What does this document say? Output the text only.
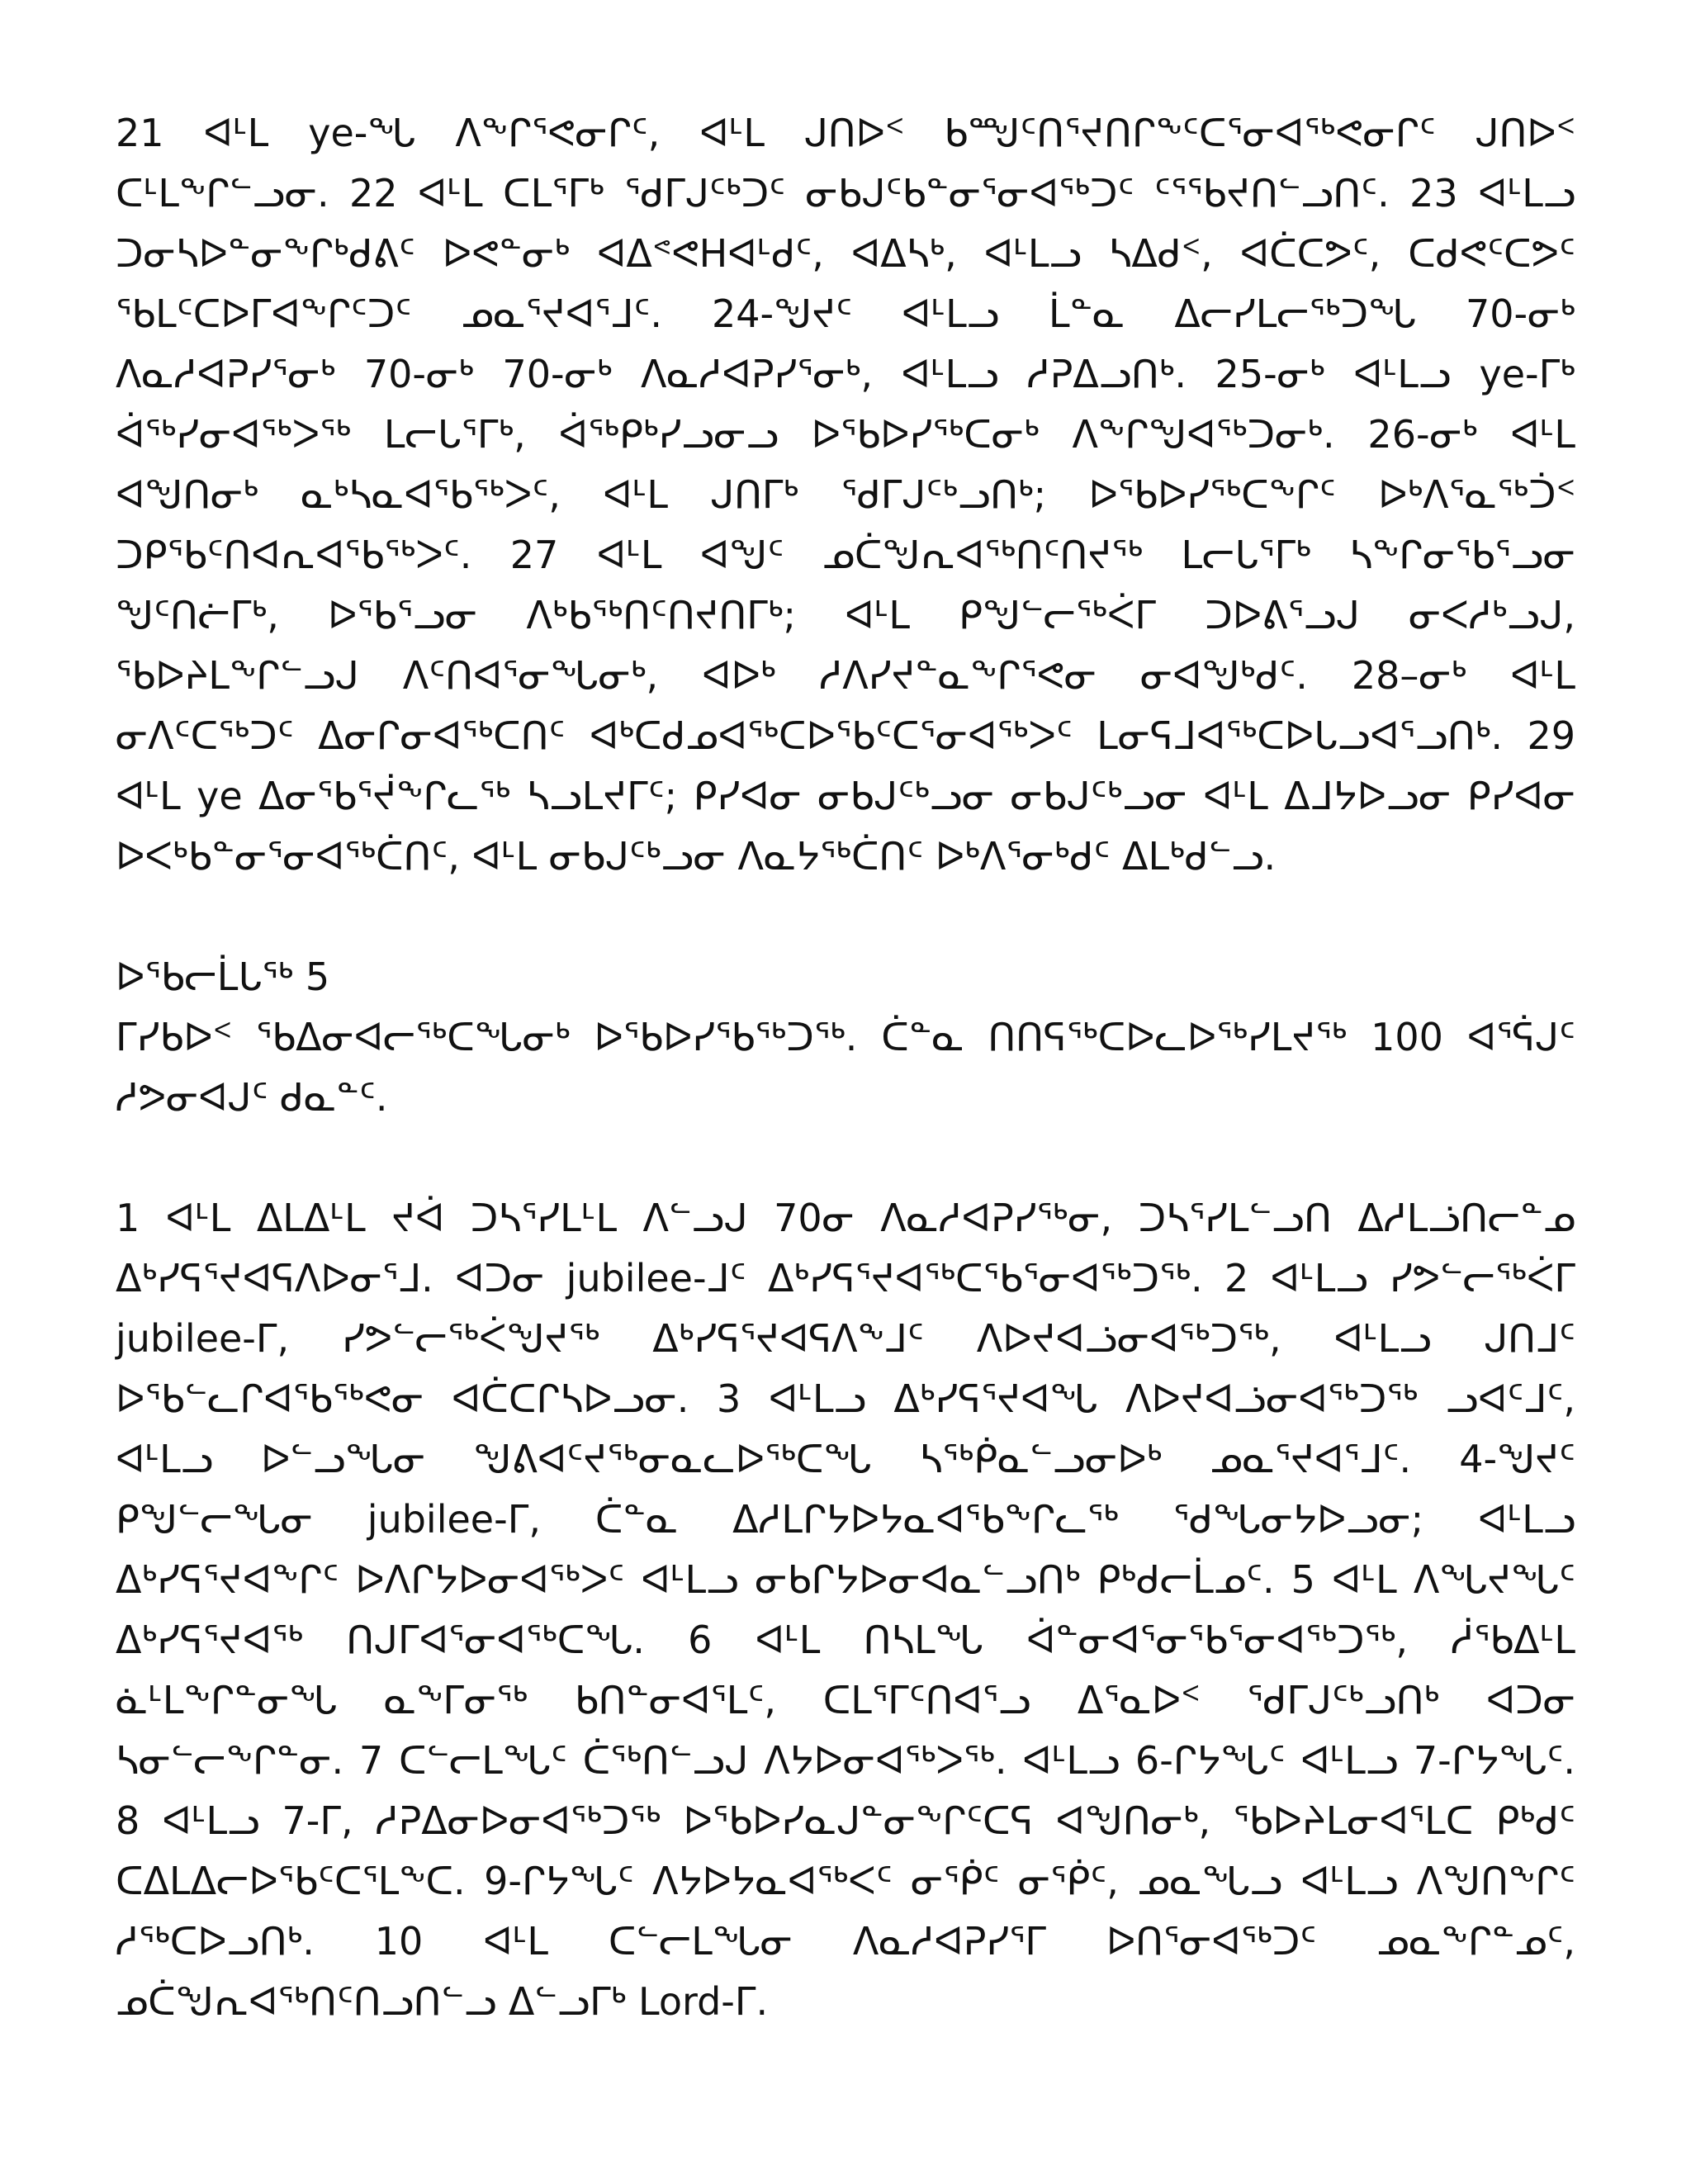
21 ᐊᒻᒪ ye-ᖓ ᐱᖕᒋᕐᕙᓂᒋᑦ, ᐊᒻᒪ ᒍᑎᐅᑉ ᑲᙳᑦᑎᕐᔪᑎᒋᖕᑦᑕᕐᓂᐊᖅᕙᓂᒋᑦ ᒍᑎᐅᑉ ᑕᒻᒪᖕᒋᓪᓗᓂ. 22 ᐊᒻᒪ ᑕᒪᕐᒥᒃ ᖁᒥᒍᑦᒃᑐᑦ ᓂᑲᒍᑦᑲᓐᓂᕐᓂᐊᖅᑐᑦ ᑦᕐᖃᔪᑎᓪᓗᑎᑦ. 23 ᐊᒻᒪᓗ ᑐᓂᓴᐅᓐᓂᖕᒋᒃᑯᕕᑦ ᐅᕙᓐᓂᒃ ᐊᐃᕝᕙᕼᐊᒻᑯᑦ, ᐊᐃᓴᒃ, ᐊᒻᒪᓗ ᓴᐃᑯᑉ, ᐊᑖᑕᕗᑦ, ᑕᑯᕙᑦᑕᕗᑦ ᖃᒪᑦᑕᐅᒥᐊᖕᒋᑦᑐᑦ ᓄᓇᕐᔪᐊᕐᒧᑦ. 24-ᖑᔪᑦ ᐊᒻᒪᓗ ᒫᓐᓇ ᐃᓕᓯᒪᓕᖅᑐᖓ 70-ᓂᒃ ᐱᓇᓱᐊᕈᓯᕐᓂᒃ 70-ᓂᒃ 70-ᓂᒃ ᐱᓇᓱᐊᕈᓯᕐᓂᒃ, ᐊᒻᒪᓗ ᓱᕈᐃᓗᑎᒃ. 25-ᓂᒃ ᐊᒻᒪᓗ ye-ᒥᒃ ᐋᖅᓯᓂᐊᖅᐳᖅ ᒪᓕᒐᕐᒥᒃ, ᐋᖅᑭᒃᓯᓗᓂᓗ ᐅᖃᐅᓯᖅᑕᓂᒃ ᐱᖕᒋᖑᐊᖅᑐᓂᒃ. 26-ᓂᒃ ᐊᒻᒪ ᐊᖑᑎᓂᒃ ᓇᒃᓴᓇᐊᖃᖅᐳᑦ, ᐊᒻᒪ ᒍᑎᒥᒃ ᖁᒥᒍᑦᒃᓗᑎᒃ; ᐅᖃᐅᓯᖅᑕᖕᒋᑦ ᐅᒃᐱᕐᓇᖅᑑᑉ ᑐᑭᖃᑦᑎᐊᕆᐊᖃᖅᐳᑦ. 27 ᐊᒻᒪ ᐊᖑᑦ ᓄᑖᖑᕆᐊᖅᑎᑦᑎᔪᖅ ᒪᓕᒐᕐᒥᒃ ᓴᖕᒋᓂᖃᕐᓗᓂ ᖑᑦᑎᓖᒥᒃ, ᐅᖃᕐᓗᓂ ᐱᒃᑲᖅᑎᑦᑎᔪᑎᒥᒃ; ᐊᒻᒪ ᑭᖑᓪᓕᖅᐹᒥ ᑐᐅᕕᕐᓗᒍ ᓂᐸᓱᒃᓗᒍ, ᖃᐅᔨᒪᖕᒋᓪᓗᒍ ᐱᑦᑎᐊᕐᓂᖓᓂᒃ, ᐊᐅᒃ ᓱᐱᓯᔪᓐᓇᖕᒋᕐᕙᓂ ᓂᐊᖑᒃᑯᑦ. 28–ᓂᒃ ᐊᒻᒪ ᓂᐱᑦᑕᖅᑐᑦ ᐃᓂᒋᓂᐊᖅᑕᑎᑦ ᐊᒃᑕᑯᓄᐊᖅᑕᐅᖃᑦᑕᕐᓂᐊᖅᐳᑦ ᒪᓂᕋᒧᐊᖅᑕᐅᒐᓗᐊᕐᓗᑎᒃ. 29 ᐊᒻᒪ ye ᐃᓂᖃᕐᔫᖕᒋᓚᖅ ᓴᓗᒪᔪᒥᑦ; ᑭᓯᐊᓂ ᓂᑲᒍᑦᒃᓗᓂ ᓂᑲᒍᑦᒃᓗᓂ ᐊᒻᒪ ᐃᒧᔭᐅᓗᓂ ᑭᓯᐊᓂ ᐅᐸᒃᑲᓐᓂᕐᓂᐊᖅᑖᑎᑦ, ᐊᒻᒪ ᓂᑲᒍᑦᒃᓗᓂ ᐱᓇᔭᖅᑖᑎᑦ ᐅᒃᐱᕐᓂᒃᑯᑦ ᐃᒪᒃᑯᓪᓗ.

ᐅᖃᓕᒫᒐᖅ 5

ᒥᓯᑲᐅᑉ ᖃᐃᓂᐊᓕᖅᑕᖓᓂᒃ ᐅᖃᐅᓯᖃᖅᑐᖅ. ᑖᓐᓇ ᑎᑎᕋᖅᑕᐅᓚᐅᖅᓯᒪᔪᖅ 100 ᐊᕐᕌᒍᑦ ᓱᕗᓂᐊᒍᑦ ᑯᓇᓐᑦ.

1 ᐊᒻᒪ ᐃᒪᐃᒻᒪ ᔪᐋ ᑐᓴᕐᓯᒪᒻᒪ ᐱᓪᓗᒍ 70ᓂ ᐱᓇᓱᐊᕈᓯᖅᓂ, ᑐᓴᕐᓯᒪᓪᓗᑎ ᐃᓱᒪᓘᑎᓕᓐᓄ ᐃᒃᓯᕋᕐᔪᐊᕋᐱᐅᓂᕐᒧ. ᐊᑐᓂ jubilee-ᒧᑦ ᐃᒃᓯᕋᕐᔪᐊᖅᑕᖃᕐᓂᐊᖅᑐᖅ. 2 ᐊᒻᒪᓗ ᓯᕗᓪᓕᖅᐹᒥ jubilee-ᒥ, ᓯᕗᓪᓕᖅᐹᖑᔪᖅ ᐃᒃᓯᕋᕐᔪᐊᕋᐱᖕᒧᑦ ᐱᐅᔪᐊᓘᓂᐊᖅᑐᖅ, ᐊᒻᒪᓗ ᒍᑎᒧᑦ ᐅᖃᓪᓚᒋᐊᖃᖅᕙᓂ ᐊᑖᑕᒋᓴᐅᓗᓂ. 3 ᐊᒻᒪᓗ ᐃᒃᓯᕋᕐᔪᐊᖓ ᐱᐅᔪᐊᓘᓂᐊᖅᑐᖅ ᓗᐊᑦᒧᑦ, ᐊᒻᒪᓗ ᐅᓪᓗᖓᓂ ᖑᕕᐊᑦᔪᖅᓂᓇᓚᐅᖅᑕᖓ ᓴᖅᑮᓇᓪᓗᓂᐅᒃ ᓄᓇᕐᔪᐊᕐᒧᑦ. 4-ᖑᔪᑦ ᑭᖑᓪᓕᖓᓂ jubilee-ᒥ, ᑖᓐᓇ ᐃᓱᒪᒋᔭᐅᔭᓇᐊᖃᖕᒋᓚᖅ ᖁᖓᓂᔭᐅᓗᓂ; ᐊᒻᒪᓗ ᐃᒃᓯᕋᕐᔪᐊᖕᒋᑦ ᐅᐱᒋᔭᐅᓂᐊᖅᐳᑦ ᐊᒻᒪᓗ ᓂᑲᒋᔭᐅᓂᐊᓇᓪᓗᑎᒃ ᑭᒃᑯᓕᒫᓄᑦ. 5 ᐊᒻᒪ ᐱᖓᔪᖓᑦ ᐃᒃᓯᕋᕐᔪᐊᖅ ᑎᒍᒥᐊᕐᓂᐊᖅᑕᖓ. 6 ᐊᒻᒪ ᑎᓴᒪᖓ ᐋᓐᓂᐊᕐᓂᖃᕐᓂᐊᖅᑐᖅ, ᓲᖃᐃᒻᒪ ᓈᒻᒪᖕᒋᓐᓂᖓ ᓇᖕᒥᓂᖅ ᑲᑎᓐᓂᐊᕐᒪᑦ, ᑕᒪᕐᒥᑦᑎᐊᕐᓗ ᐃᕐᓇᐅᑉ ᖁᒥᒍᑦᒃᓗᑎᒃ ᐊᑐᓂ ᓴᓂᓪᓕᖕᒋᓐᓂ. 7 ᑕᓪᓕᒪᖓᑦ ᑖᖅᑎᓪᓗᒍ ᐱᔭᐅᓂᐊᖅᐳᖅ. ᐊᒻᒪᓗ 6-ᒋᔭᖓᑦ ᐊᒻᒪᓗ 7-ᒋᔭᖓᑦ. 8 ᐊᒻᒪᓗ 7-ᒥ, ᓱᕈᐃᓂᐅᓂᐊᖅᑐᖅ ᐅᖃᐅᓯᓇᒍᓐᓂᖕᒋᑦᑕᕋ ᐊᖑᑎᓂᒃ, ᖃᐅᔨᒪᓂᐊᕐᒪᑕ ᑭᒃᑯᑦ ᑕᐃᒪᐃᓕᐅᖃᑦᑕᕐᒪᖕᑕ. 9-ᒋᔭᖓᑦ ᐱᔭᐅᔭᓇᐊᖅᐸᑦ ᓂᖀᑦ ᓂᖀᑦ, ᓄᓇᖓᓗ ᐊᒻᒪᓗ ᐱᖑᑎᖕᒋᑦ ᓱᕐᒃᑕᐅᓗᑎᒃ. 10 ᐊᒻᒪ ᑕᓪᓕᒪᖓᓂ ᐱᓇᓱᐊᕈᓯᕐᒥ ᐅᑎᕐᓂᐊᖅᑐᑦ ᓄᓇᖕᒋᓐᓄᑦ, ᓄᑖᖑᕆᐊᖅᑎᑦᑎᓗᑎᓪᓗ ᐃᓪᓗᒥᒃ Lord-ᒥ.
